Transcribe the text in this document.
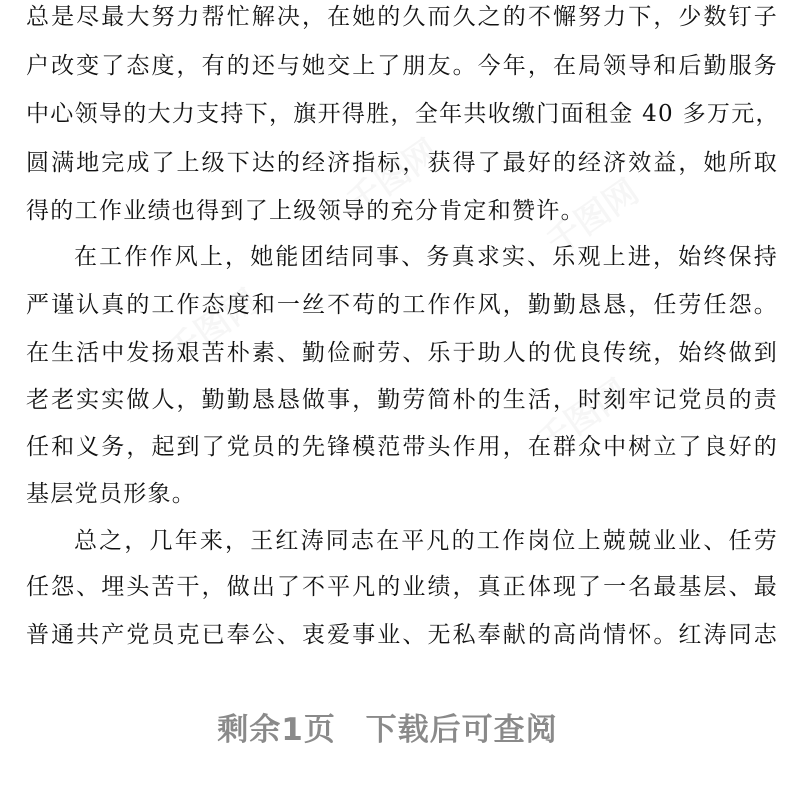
总是尽最大努力帮忙解决，在她的久而久之的不懈努力下，少数钉子
户改变了态度，有的还与她交上了朋友。今年，在局领导和后勤服务
中心领导的大力支持下，旗开得胜，全年共收缴门面租金 40 多万元，
圆满地完成了上级下达的经济指标，获得了最好的经济效益，她所取
得的工作业绩也得到了上级领导的充分肯定和赞许。
在工作作风上，她能团结同事、务真求实、乐观上进，始终保持
严谨认真的工作态度和一丝不苟的工作作风，勤勤恳恳，任劳任怨。
在生活中发扬艰苦朴素、勤俭耐劳、乐于助人的优良传统，始终做到
老老实实做人，勤勤恳恳做事，勤劳简朴的生活，时刻牢记党员的责
任和义务，起到了党员的先锋模范带头作用，在群众中树立了良好的
基层党员形象。
总之，几年来，王红涛同志在平凡的工作岗位上兢兢业业、任劳
任怨、埋头苦干，做出了不平凡的业绩，真正体现了一名最基层、最
普通共产党员克已奉公、衷爱事业、无私奉献的高尚情怀。红涛同志
剩余1页 下载后可查阅
